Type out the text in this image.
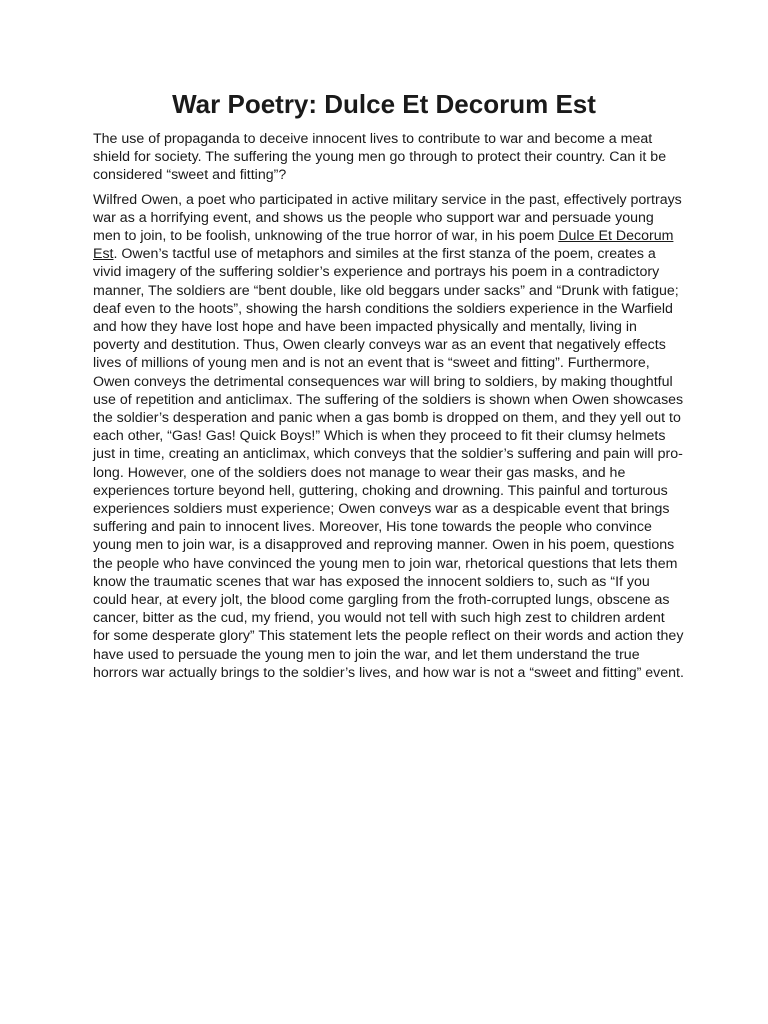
War Poetry: Dulce Et Decorum Est

The use of propaganda to deceive innocent lives to contribute to war and become a meat shield for society. The suffering the young men go through to protect their country. Can it be considered “sweet and fitting”?

Wilfred Owen, a poet who participated in active military service in the past, effectively portrays war as a horrifying event, and shows us the people who support war and persuade young men to join, to be foolish, unknowing of the true horror of war, in his poem Dulce Et Decorum Est. Owen’s tactful use of metaphors and similes at the first stanza of the poem, creates a vivid imagery of the suffering soldier’s experience and portrays his poem in a contradictory manner, The soldiers are “bent double, like old beggars under sacks” and “Drunk with fatigue; deaf even to the hoots”, showing the harsh conditions the soldiers experience in the Warfield and how they have lost hope and have been impacted physically and mentally, living in poverty and destitution. Thus, Owen clearly conveys war as an event that negatively effects lives of millions of young men and is not an event that is “sweet and fitting”. Furthermore, Owen conveys the detrimental consequences war will bring to soldiers, by making thoughtful use of repetition and anticlimax. The suffering of the soldiers is shown when Owen showcases the soldier’s desperation and panic when a gas bomb is dropped on them, and they yell out to each other, “Gas! Gas! Quick Boys!” Which is when they proceed to fit their clumsy helmets just in time, creating an anticlimax, which conveys that the soldier’s suffering and pain will pro-long. However, one of the soldiers does not manage to wear their gas masks, and he experiences torture beyond hell, guttering, choking and drowning. This painful and torturous experiences soldiers must experience; Owen conveys war as a despicable event that brings suffering and pain to innocent lives. Moreover, His tone towards the people who convince young men to join war, is a disapproved and reproving manner. Owen in his poem, questions the people who have convinced the young men to join war, rhetorical questions that lets them know the traumatic scenes that war has exposed the innocent soldiers to, such as “If you could hear, at every jolt, the blood come gargling from the froth-corrupted lungs, obscene as cancer, bitter as the cud, my friend, you would not tell with such high zest to children ardent for some desperate glory” This statement lets the people reflect on their words and action they have used to persuade the young men to join the war, and let them understand the true horrors war actually brings to the soldier’s lives, and how war is not a “sweet and fitting” event.
